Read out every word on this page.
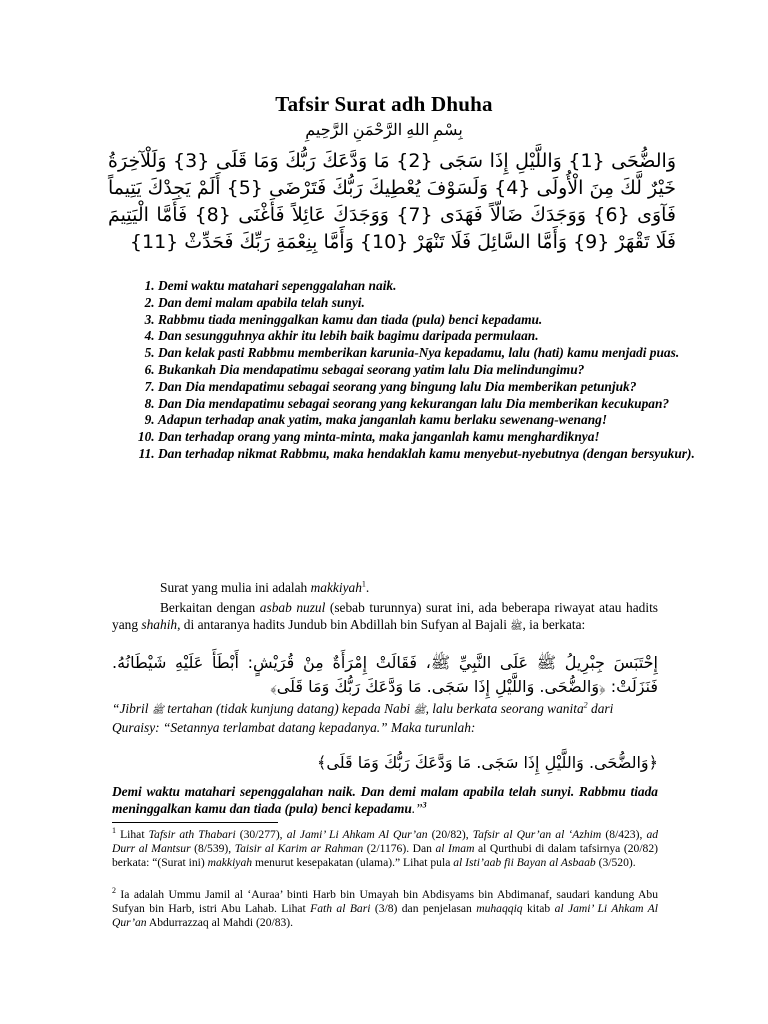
Tafsir Surat adh Dhuha
بِسْمِ اللهِ الرَّحْمَنِ الرَّحِيمِ
وَالضُّحَى {1} وَاللَّيْلِ إِذَا سَجَى {2} مَا وَدَّعَكَ رَبُّكَ وَمَا قَلَى {3} وَلَلْآخِرَةُ خَيْرٌ لَّكَ مِنَ الْأُولَى {4} وَلَسَوْفَ يُعْطِيكَ رَبُّكَ فَتَرْضَى {5} أَلَمْ يَجِدْكَ يَتِيماً فَآوَى {6} وَوَجَدَكَ ضَالّاً فَهَدَى {7} وَوَجَدَكَ عَائِلاً فَأَغْنَى {8} فَأَمَّا الْيَتِيمَ فَلَا تَقْهَرْ {9} وَأَمَّا السَّائِلَ فَلَا تَنْهَرْ {10} وَأَمَّا بِنِعْمَةِ رَبِّكَ فَحَدِّثْ {11}
1. Demi waktu matahari sepenggalahan naik.
2. Dan demi malam apabila telah sunyi.
3. Rabbmu tiada meninggalkan kamu dan tiada (pula) benci kepadamu.
4. Dan sesungguhnya akhir itu lebih baik bagimu daripada permulaan.
5. Dan kelak pasti Rabbmu memberikan karunia-Nya kepadamu, lalu (hati) kamu menjadi puas.
6. Bukankah Dia mendapatimu sebagai seorang yatim lalu Dia melindungimu?
7. Dan Dia mendapatimu sebagai seorang yang bingung lalu Dia memberikan petunjuk?
8. Dan Dia mendapatimu sebagai seorang yang kekurangan lalu Dia memberikan kecukupan?
9. Adapun terhadap anak yatim, maka janganlah kamu berlaku sewenang-wenang!
10. Dan terhadap orang yang minta-minta, maka janganlah kamu menghardiknya!
11. Dan terhadap nikmat Rabbmu, maka hendaklah kamu menyebut-nyebutnya (dengan bersyukur).
Surat yang mulia ini adalah makkiyah$^1$.
Berkaitan dengan asbab nuzul (sebab turunnya) surat ini, ada beberapa riwayat atau hadits yang shahih, di antaranya hadits Jundub bin Abdillah bin Sufyan al Bajali ﷺ, ia berkata:
إِحْتَبَسَ جِبْرِيلُ ﷺ عَلَى النَّبِيِّ ﷺ، فَقَالَتْ إِمْرَأَةٌ مِنْ قُرَيْشٍ: أَبْطَأَ عَلَيْهِ شَيْطَانُهُ. فَنَزَلَتْ: ﴿وَالضُّحَى. وَاللَّيْلِ إِذَا سَجَى. مَا وَدَّعَكَ رَبُّكَ وَمَا قَلَى﴾
“Jibril ﷺ tertahan (tidak kunjung datang) kepada Nabi ﷺ, lalu berkata seorang wanita$^2$ dari Quraisy: “Setannya terlambat datang kepadanya.” Maka turunlah:
﴿وَالضُّحَى. وَاللَّيْلِ إِذَا سَجَى. مَا وَدَّعَكَ رَبُّكَ وَمَا قَلَى﴾
Demi waktu matahari sepenggalahan naik. Dan demi malam apabila telah sunyi. Rabbmu tiada meninggalkan kamu dan tiada (pula) benci kepadamu.”$^3$
$^1$ Lihat Tafsir ath Thabari (30/277), al Jami’ Li Ahkam Al Qur’an (20/82), Tafsir al Qur’an al ‘Azhim (8/423), ad Durr al Mantsur (8/539), Taisir al Karim ar Rahman (2/1176). Dan al Imam al Qurthubi di dalam tafsirnya (20/82) berkata: “(Surat ini) makkiyah menurut kesepakatan (ulama).” Lihat pula al Isti’aab fii Bayan al Asbaab (3/520).
$^2$ Ia adalah Ummu Jamil al ‘Auraa’ binti Harb bin Umayah bin Abdisyams bin Abdimanaf, saudari kandung Abu Sufyan bin Harb, istri Abu Lahab. Lihat Fath al Bari (3/8) dan penjelasan muhaqqiq kitab al Jami’ Li Ahkam Al Qur’an Abdurrazzaq al Mahdi (20/83).
